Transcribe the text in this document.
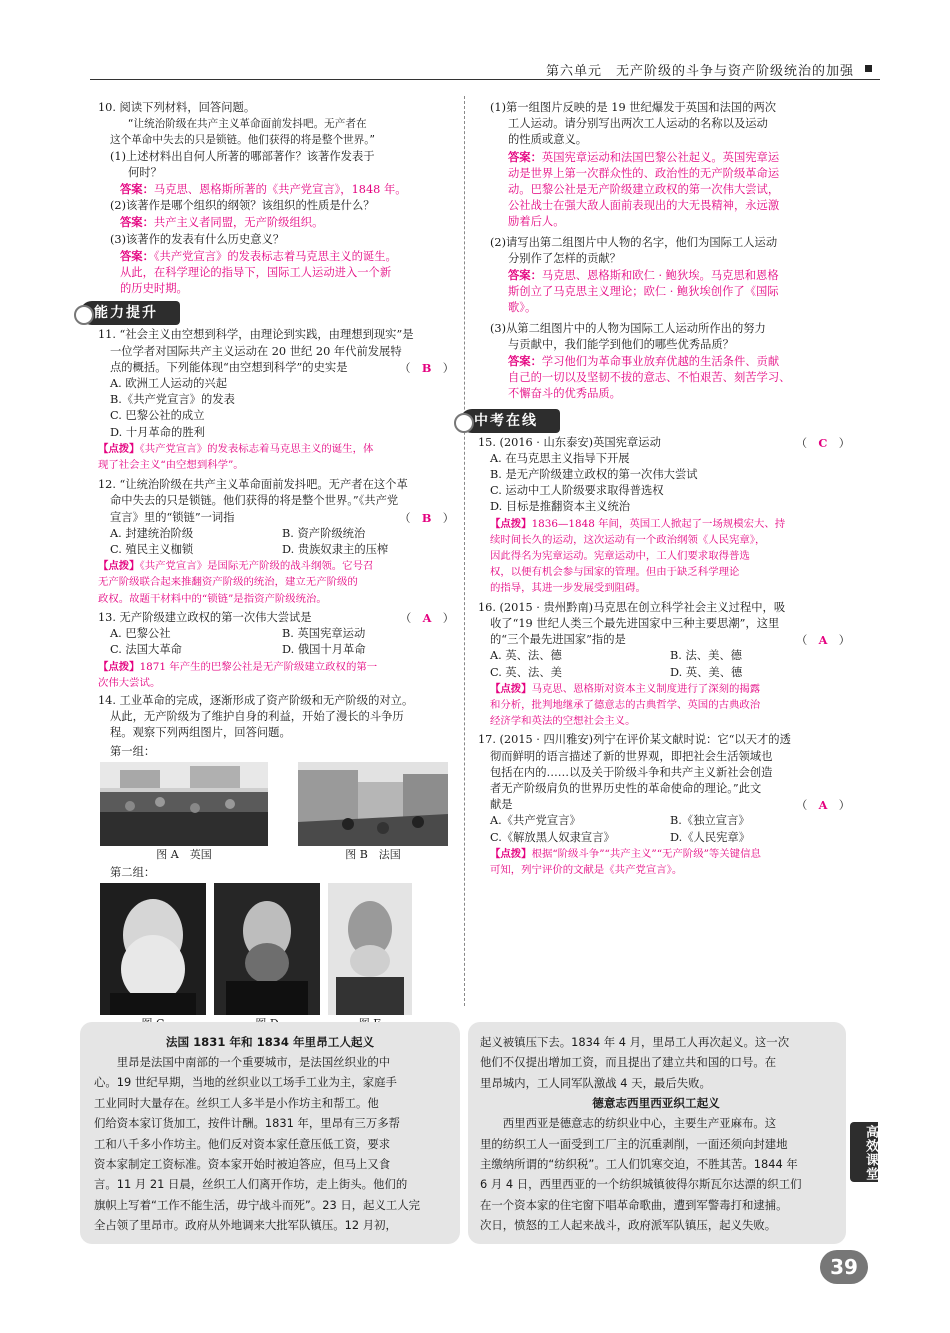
第六单元　无产阶级的斗争与资产阶级统治的加强
10. 阅读下列材料，回答问题。
“让统治阶级在共产主义革命面前发抖吧。无产者在
这个革命中失去的只是锁链。他们获得的将是整个世界。”
(1)上述材料出自何人所著的哪部著作？该著作发表于
何时？
答案：马克思、恩格斯所著的《共产党宣言》，1848 年。
(2)该著作是哪个组织的纲领？该组织的性质是什么？
答案：共产主义者同盟，无产阶级组织。
(3)该著作的发表有什么历史意义？
答案：《共产党宣言》的发表标志着马克思主义的诞生。
从此，在科学理论的指导下，国际工人运动进入一个新
的历史时期。
能力提升
11. “社会主义由空想到科学，由理论到实践，由理想到现实”是
一位学者对国际共产主义运动在 20 世纪 20 年代前发展特
点的概括。下列能体现“由空想到科学”的史实是	（　B　）
A. 欧洲工人运动的兴起
B.《共产党宣言》的发表
C. 巴黎公社的成立
D. 十月革命的胜利
【点拨】《共产党宣言》的发表标志着马克思主义的诞生，体
现了社会主义“由空想到科学”。
12. “让统治阶级在共产主义革命面前发抖吧。无产者在这个革
命中失去的只是锁链。他们获得的将是整个世界。”《共产党
宣言》里的“锁链”一词指	（　B　）
A. 封建统治阶级	B. 资产阶级统治
C. 殖民主义枷锁	D. 贵族奴隶主的压榨
【点拨】《共产党宣言》是国际无产阶级的战斗纲领。它号召
无产阶级联合起来推翻资产阶级的统治，建立无产阶级的
政权。故题干材料中的“锁链”是指资产阶级统治。
13. 无产阶级建立政权的第一次伟大尝试是	（　A　）
A. 巴黎公社	B. 英国宪章运动
C. 法国大革命	D. 俄国十月革命
【点拨】1871 年产生的巴黎公社是无产阶级建立政权的第一
次伟大尝试。
14. 工业革命的完成，逐渐形成了资产阶级和无产阶级的对立。
从此，无产阶级为了维护自身的利益，开始了漫长的斗争历
程。观察下列两组图片，回答问题。
第一组：
图 A　英国	图 B　法国
第二组：
(1)第一组图片反映的是 19 世纪爆发于英国和法国的两次
工人运动。请分别写出两次工人运动的名称以及运动
的性质或意义。
答案：英国宪章运动和法国巴黎公社起义。英国宪章运
动是世界上第一次群众性的、政治性的无产阶级革命运
动。巴黎公社是无产阶级建立政权的第一次伟大尝试，
公社战士在强大敌人面前表现出的大无畏精神，永远激
励着后人。
(2)请写出第二组图片中人物的名字，他们为国际工人运动
分别作了怎样的贡献？
答案：马克思、恩格斯和欧仁 · 鲍狄埃。马克思和恩格
斯创立了马克思主义理论；欧仁 · 鲍狄埃创作了《国际
歌》。
(3)从第二组图片中的人物为国际工人运动所作出的努力
与贡献中，我们能学到他们的哪些优秀品质？
答案：学习他们为革命事业放弃优越的生活条件、贡献
自己的一切以及坚韧不拔的意志、不怕艰苦、刻苦学习、
不懈奋斗的优秀品质。
中考在线
15. (2016 · 山东泰安)英国宪章运动	（　C　）
A. 在马克思主义指导下开展
B. 是无产阶级建立政权的第一次伟大尝试
C. 运动中工人阶级要求取得普选权
D. 目标是推翻资本主义统治
【点拨】1836—1848 年间，英国工人掀起了一场规模宏大、持
续时间长久的运动，这次运动有一个政治纲领《人民宪章》，
因此得名为宪章运动。宪章运动中，工人们要求取得普选
权，以便有机会参与国家的管理。但由于缺乏科学理论
的指导，其进一步发展受到阻碍。
16. (2015 · 贵州黔南)马克思在创立科学社会主义过程中，吸
收了“19 世纪人类三个最先进国家中三种主要思潮”，这里
的“三个最先进国家”指的是	（　A　）
A. 英、法、德	B. 法、美、德
C. 英、法、美	D. 英、美、德
【点拨】马克思、恩格斯对资本主义制度进行了深刻的揭露
和分析，批判地继承了德意志的古典哲学、英国的古典政治
经济学和英法的空想社会主义。
17. (2015 · 四川雅安)列宁在评价某文献时说：它“以天才的透
彻而鲜明的语言描述了新的世界观，即把社会生活领域也
包括在内的……以及关于阶级斗争和共产主义新社会创造
者无产阶级肩负的世界历史性的革命使命的理论。”此文
献是	（　A　）
A.《共产党宣言》	B.《独立宣言》
C.《解放黑人奴隶宣言》	D.《人民宪章》
【点拨】根据“阶级斗争”“共产主义”“无产阶级”等关键信息
可知，列宁评价的文献是《共产党宣言》。
法国 1831 年和 1834 年里昂工人起义
　　里昂是法国中南部的一个重要城市，是法国丝织业的中
心。19 世纪早期，当地的丝织业以工场手工业为主，家庭手
工业同时大量存在。丝织工人多半是小作坊主和帮工。他
们给资本家订货加工，按件计酬。1831 年，里昂有三万多帮
工和八千多小作坊主。他们反对资本家任意压低工资，要求
资本家制定工资标准。资本家开始时被迫答应，但马上又食
言。11 月 21 日晨，丝织工人们离开作坊，走上街头。他们的
旗帜上写着“工作不能生活，毋宁战斗而死”。23 日，起义工人完
全占领了里昂市。政府从外地调来大批军队镇压。12 月初，
起义被镇压下去。1834 年 4 月，里昂工人再次起义。这一次
他们不仅提出增加工资，而且提出了建立共和国的口号。在
里昂城内，工人同军队激战 4 天，最后失败。
德意志西里西亚织工起义
　　西里西亚是德意志的纺织业中心，主要生产亚麻布。这
里的纺织工人一面受到工厂主的沉重剥削，一面还须向封建地
主缴纳所谓的“纺织税”。工人们饥寒交迫，不胜其苦。1844 年
6 月 4 日，西里西亚的一个纺织城镇彼得尔斯瓦尔达漂的织工们
在一个资本家的住宅窗下唱革命歌曲，遭到军警毒打和逮捕。
次日，愤怒的工人起来战斗，政府派军队镇压，起义失败。
高效课堂
39
